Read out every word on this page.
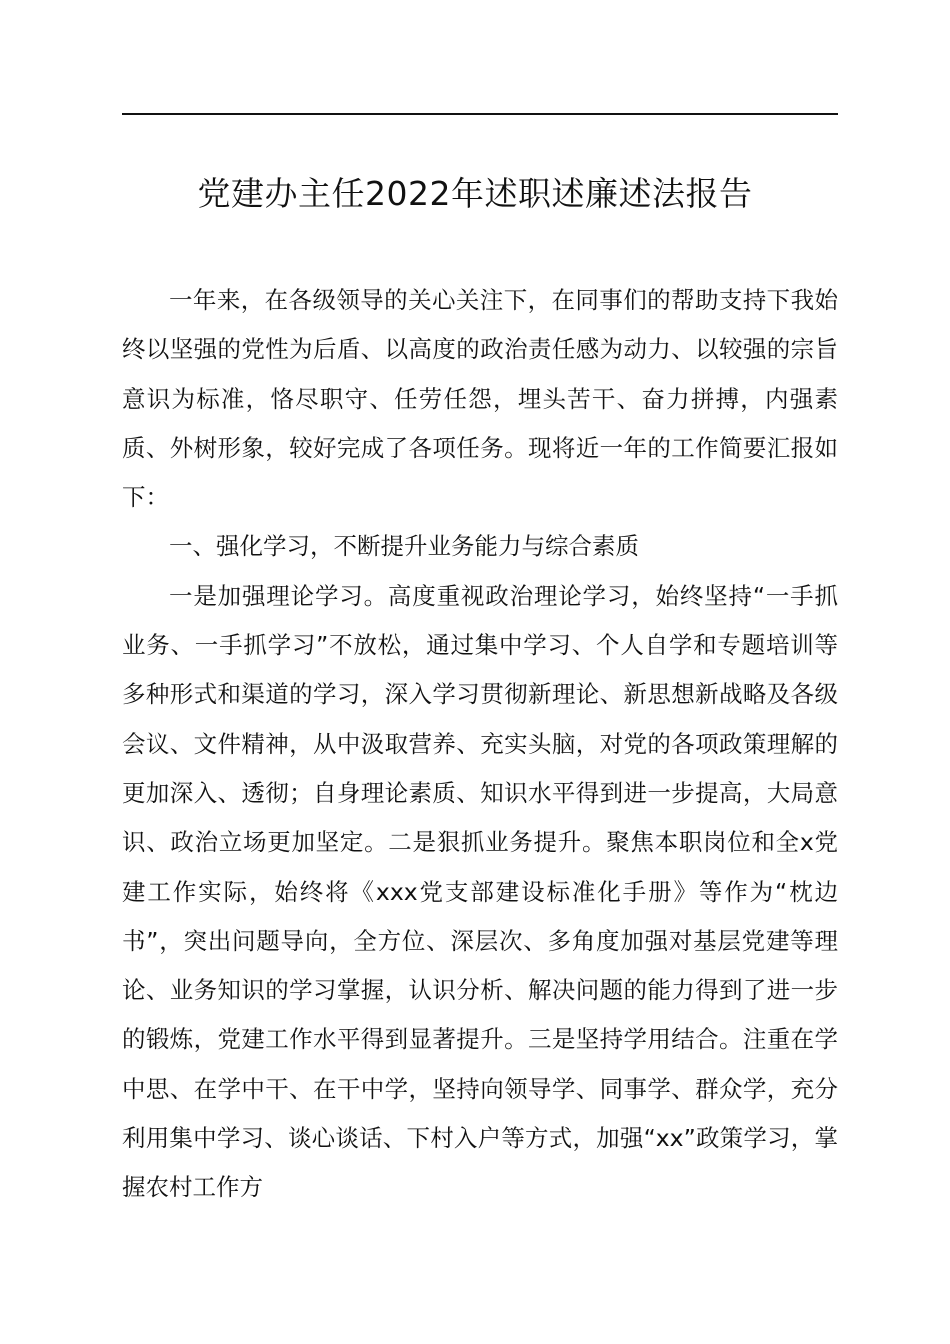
党建办主任2022年述职述廉述法报告

一年来，在各级领导的关心关注下，在同事们的帮助支持下我始终以坚强的党性为后盾、以高度的政治责任感为动力、以较强的宗旨意识为标准，恪尽职守、任劳任怨，埋头苦干、奋力拼搏，内强素质、外树形象，较好完成了各项任务。现将近一年的工作简要汇报如下：

一、强化学习，不断提升业务能力与综合素质

一是加强理论学习。高度重视政治理论学习，始终坚持“一手抓业务、一手抓学习”不放松，通过集中学习、个人自学和专题培训等多种形式和渠道的学习，深入学习贯彻新理论、新思想新战略及各级会议、文件精神，从中汲取营养、充实头脑，对党的各项政策理解的更加深入、透彻；自身理论素质、知识水平得到进一步提高，大局意识、政治立场更加坚定。二是狠抓业务提升。聚焦本职岗位和全x党建工作实际，始终将《xxx党支部建设标准化手册》等作为“枕边书”，突出问题导向，全方位、深层次、多角度加强对基层党建等理论、业务知识的学习掌握，认识分析、解决问题的能力得到了进一步的锻炼，党建工作水平得到显著提升。三是坚持学用结合。注重在学中思、在学中干、在干中学，坚持向领导学、同事学、群众学，充分利用集中学习、谈心谈话、下村入户等方式，加强“xx”政策学习，掌握农村工作方
